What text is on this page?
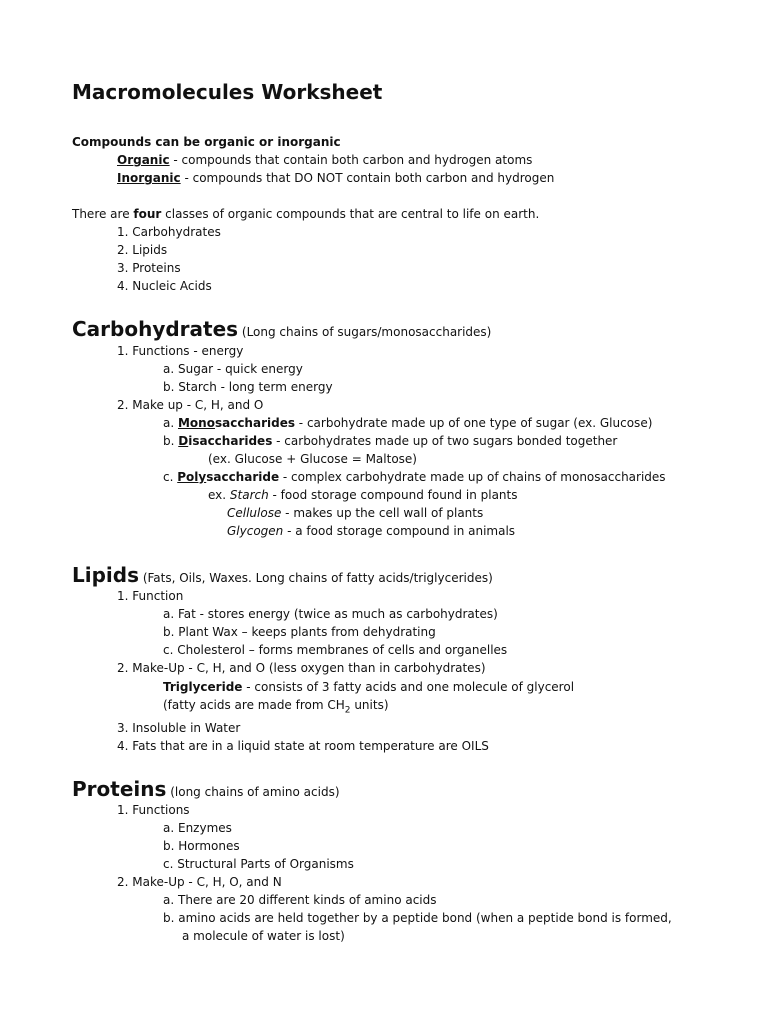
Macromolecules Worksheet
Compounds can be organic or inorganic
Organic - compounds that contain both carbon and hydrogen atoms
Inorganic - compounds that DO NOT contain both carbon and hydrogen
There are four classes of organic compounds that are central to life on earth.
1. Carbohydrates
2. Lipids
3. Proteins
4. Nucleic Acids
Carbohydrates (Long chains of sugars/monosaccharides)
1. Functions - energy
a. Sugar - quick energy
b. Starch - long term energy
2. Make up - C, H, and O
a. Monosaccharides - carbohydrate made up of one type of sugar (ex. Glucose)
b. Disaccharides - carbohydrates made up of two sugars bonded together
(ex. Glucose + Glucose = Maltose)
c. Polysaccharide - complex carbohydrate made up of chains of monosaccharides
ex. Starch - food storage compound found in plants
Cellulose - makes up the cell wall of plants
Glycogen - a food storage compound in animals
Lipids (Fats, Oils, Waxes. Long chains of fatty acids/triglycerides)
1. Function
a. Fat - stores energy (twice as much as carbohydrates)
b. Plant Wax – keeps plants from dehydrating
c. Cholesterol – forms membranes of cells and organelles
2. Make-Up - C, H, and O (less oxygen than in carbohydrates)
Triglyceride - consists of 3 fatty acids and one molecule of glycerol
(fatty acids are made from $CH_2$ units)
3. Insoluble in Water
4. Fats that are in a liquid state at room temperature are OILS
Proteins (long chains of amino acids)
1. Functions
a. Enzymes
b. Hormones
c. Structural Parts of Organisms
2. Make-Up - C, H, O, and N
a. There are 20 different kinds of amino acids
b. amino acids are held together by a peptide bond (when a peptide bond is formed,
a molecule of water is lost)
